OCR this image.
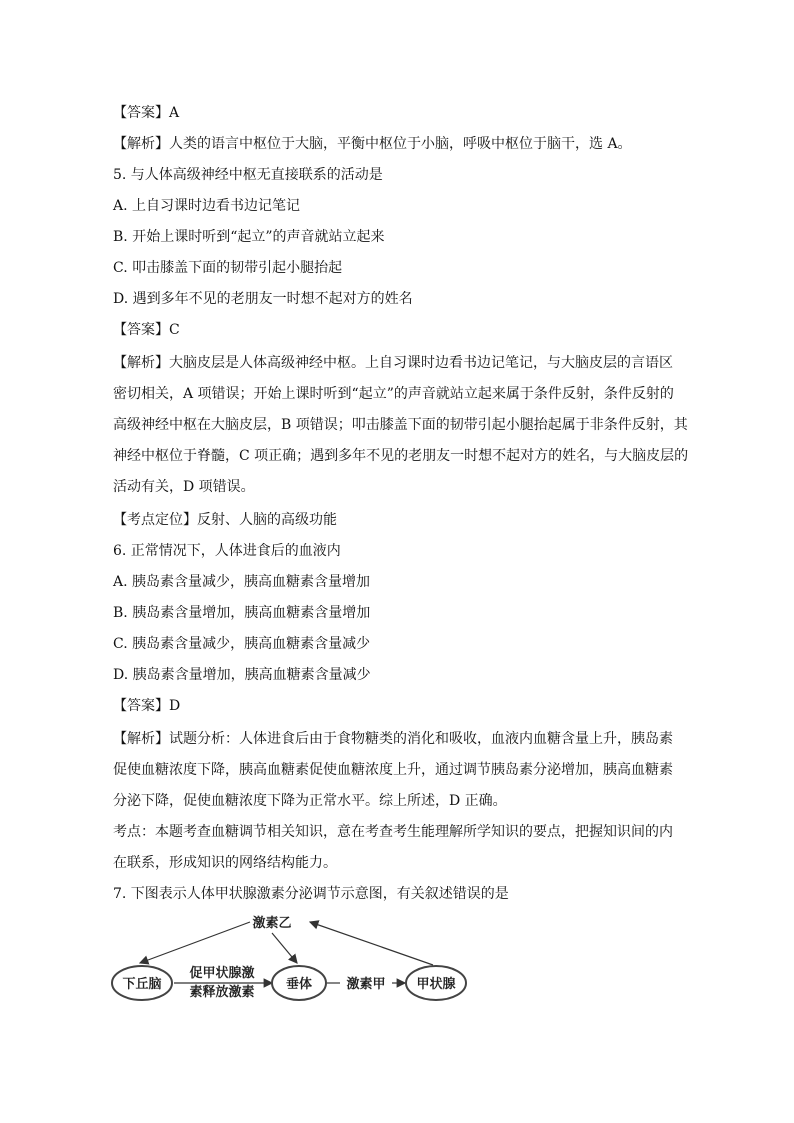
【答案】A
【解析】人类的语言中枢位于大脑，平衡中枢位于小脑，呼吸中枢位于脑干，选 A。
5. 与人体高级神经中枢无直接联系的活动是
A. 上自习课时边看书边记笔记
B. 开始上课时听到“起立”的声音就站立起来
C. 叩击膝盖下面的韧带引起小腿抬起
D. 遇到多年不见的老朋友一时想不起对方的姓名
【答案】C
【解析】大脑皮层是人体高级神经中枢。上自习课时边看书边记笔记，与大脑皮层的言语区
密切相关，A 项错误；开始上课时听到“起立”的声音就站立起来属于条件反射，条件反射的
高级神经中枢在大脑皮层，B 项错误；叩击膝盖下面的韧带引起小腿抬起属于非条件反射，其
神经中枢位于脊髓，C 项正确；遇到多年不见的老朋友一时想不起对方的姓名，与大脑皮层的
活动有关，D 项错误。
【考点定位】反射、人脑的高级功能
6. 正常情况下，人体进食后的血液内
A. 胰岛素含量减少，胰高血糖素含量增加
B. 胰岛素含量增加，胰高血糖素含量增加
C. 胰岛素含量减少，胰高血糖素含量减少
D. 胰岛素含量增加，胰高血糖素含量减少
【答案】D
【解析】试题分析：人体进食后由于食物糖类的消化和吸收，血液内血糖含量上升，胰岛素
促使血糖浓度下降，胰高血糖素促使血糖浓度上升，通过调节胰岛素分泌增加，胰高血糖素
分泌下降，促使血糖浓度下降为正常水平。综上所述，D 正确。
考点：本题考查血糖调节相关知识，意在考查考生能理解所学知识的要点，把握知识间的内
在联系，形成知识的网络结构能力。
7. 下图表示人体甲状腺激素分泌调节示意图，有关叙述错误的是
激素乙
下丘脑
促甲状腺激
素释放激素
垂体	激素甲 甲状腺
